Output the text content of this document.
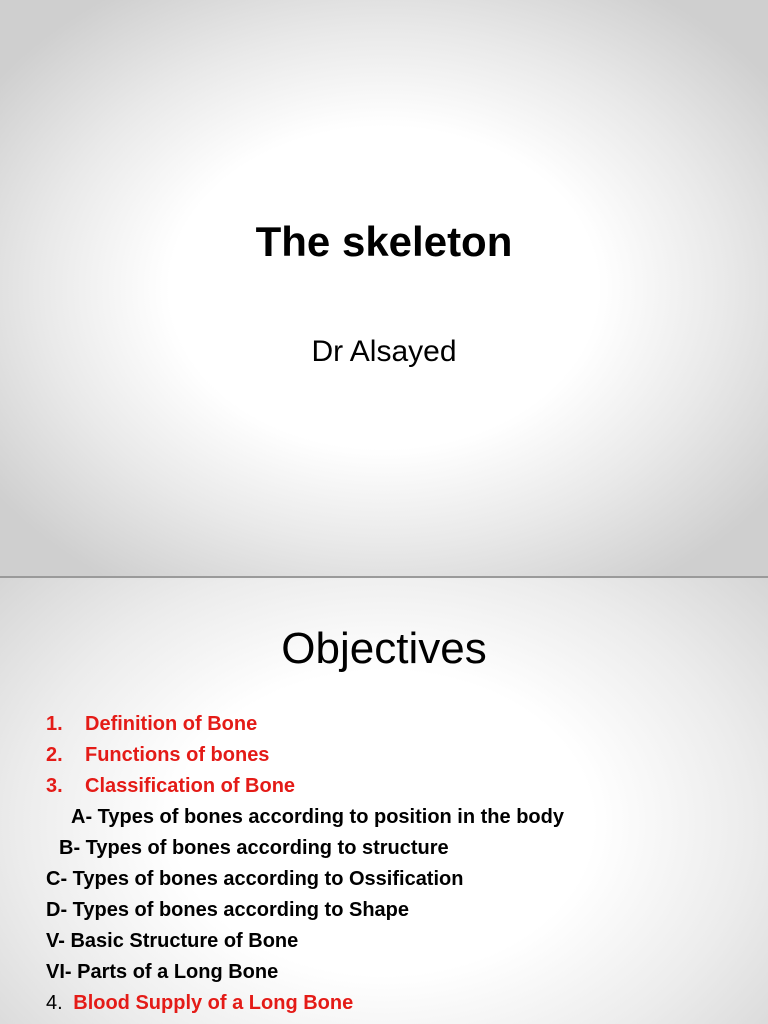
The skeleton
Dr Alsayed
Objectives
1. Definition of Bone
2. Functions of bones
3. Classification of Bone
A- Types of bones according to position in the body
B- Types of bones according to structure
C- Types of bones according to Ossification
D- Types of bones according to Shape
V- Basic Structure of Bone
VI- Parts of a Long Bone
4. Blood Supply of a Long Bone
